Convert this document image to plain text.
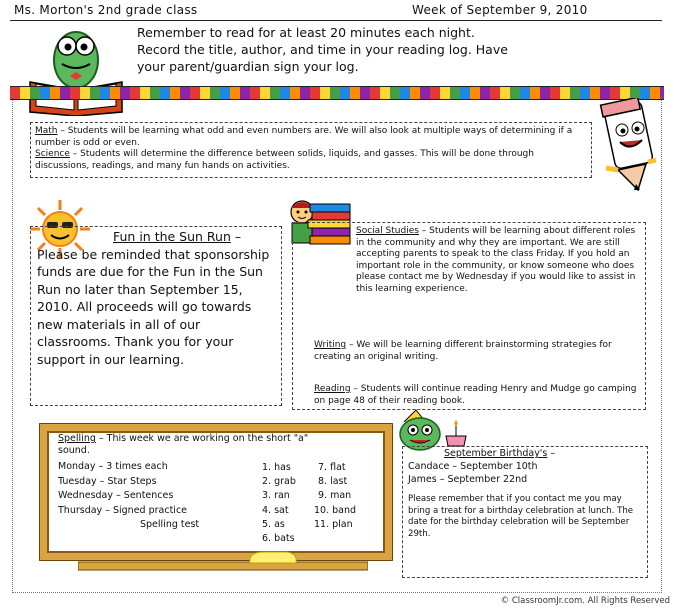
Ms. Morton's 2nd grade class	Week of September 9, 2010
Remember to read for at least 20 minutes each night.
Record the title, author, and time in your reading log. Have
your parent/guardian sign your log.
Math – Students will be learning what odd and even numbers are. We will also look at multiple ways of determining if a number is odd or even.
Science – Students will determine the difference between solids, liquids, and gasses. This will be done through discussions, readings, and many fun hands on activities.
Fun in the Sun Run –
Please be reminded that sponsorship funds are due for the Fun in the Sun Run no later than September 15, 2010. All proceeds will go towards new materials in all of our classrooms. Thank you for your support in our learning.
Social Studies – Students will be learning about different roles in the community and why they are important. We are still accepting parents to speak to the class Friday. If you hold an important role in the community, or know someone who does please contact me by Wednesday if you would like to assist in this learning experience.
Writing – We will be learning different brainstorming strategies for creating an original writing.
Reading – Students will continue reading Henry and Mudge go camping on page 48 of their reading book.
Spelling – This week we are working on the short "a" sound.
Monday – 3 times each
Tuesday – Star Steps
Wednesday – Sentences
Thursday – Signed practice
Spelling test
1. has
2. grab
3. ran
4. sat
5. as
6. bats
7. flat
8. last
9. man
10. band
11. plan
September Birthday's –
Candace – September 10th
James – September 22nd
Please remember that if you contact me you may bring a treat for a birthday celebration at lunch. The date for the birthday celebration will be September 29th.
© ClassroomJr.com. All Rights Reserved
